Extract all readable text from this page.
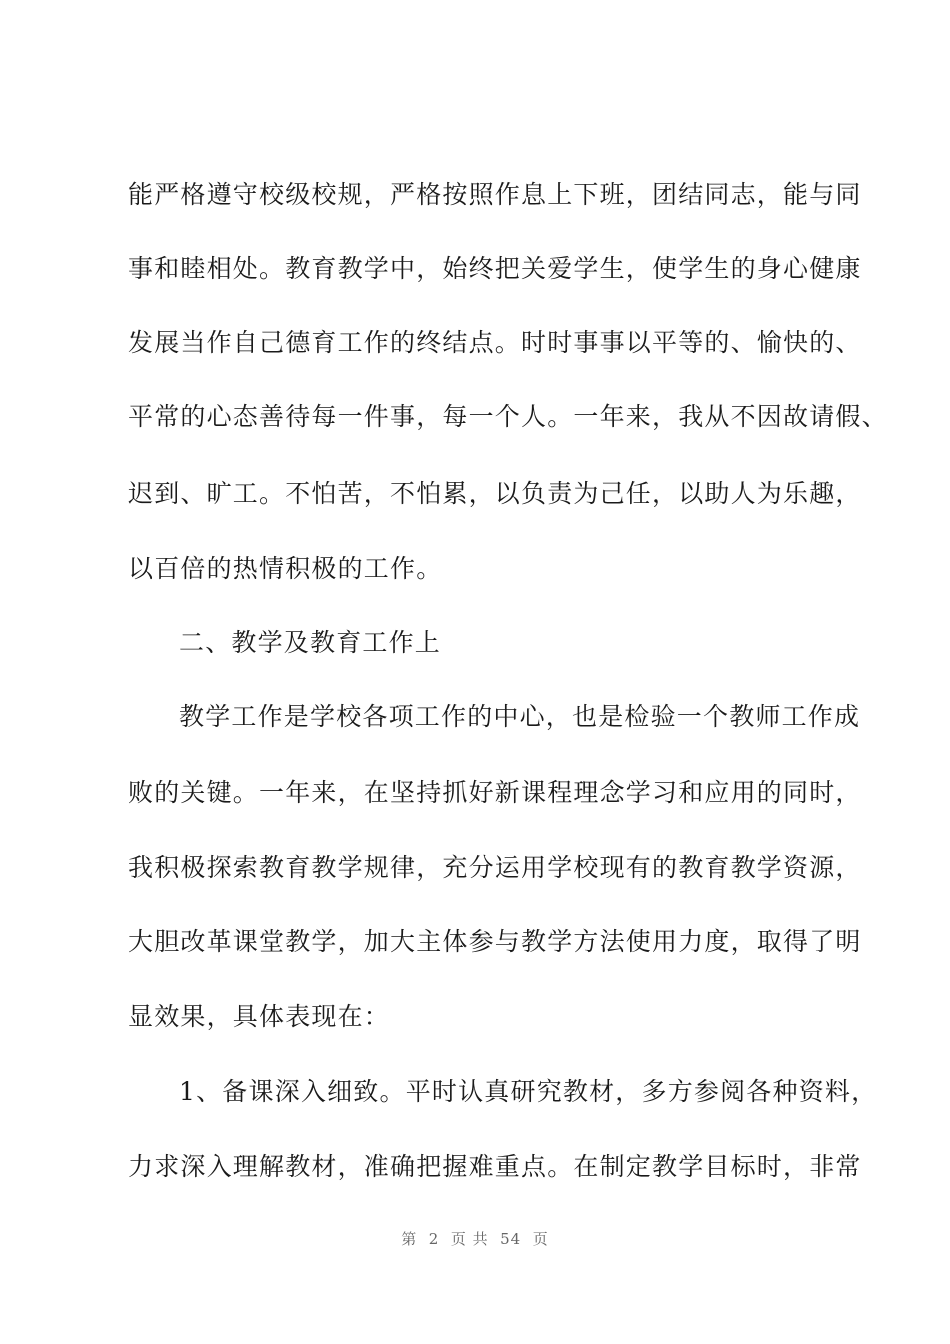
能严格遵守校级校规，严格按照作息上下班，团结同志，能与同
事和睦相处。教育教学中，始终把关爱学生，使学生的身心健康
发展当作自己德育工作的终结点。时时事事以平等的、愉快的、
平常的心态善待每一件事，每一个人。一年来，我从不因故请假、
迟到、旷工。不怕苦，不怕累，以负责为己任，以助人为乐趣，
以百倍的热情积极的工作。
二、教学及教育工作上
教学工作是学校各项工作的中心，也是检验一个教师工作成
败的关键。一年来，在坚持抓好新课程理念学习和应用的同时，
我积极探索教育教学规律，充分运用学校现有的教育教学资源，
大胆改革课堂教学，加大主体参与教学方法使用力度，取得了明
显效果，具体表现在：
1、备课深入细致。平时认真研究教材，多方参阅各种资料，
力求深入理解教材，准确把握难重点。在制定教学目标时，非常
第  2  页 共  54  页
